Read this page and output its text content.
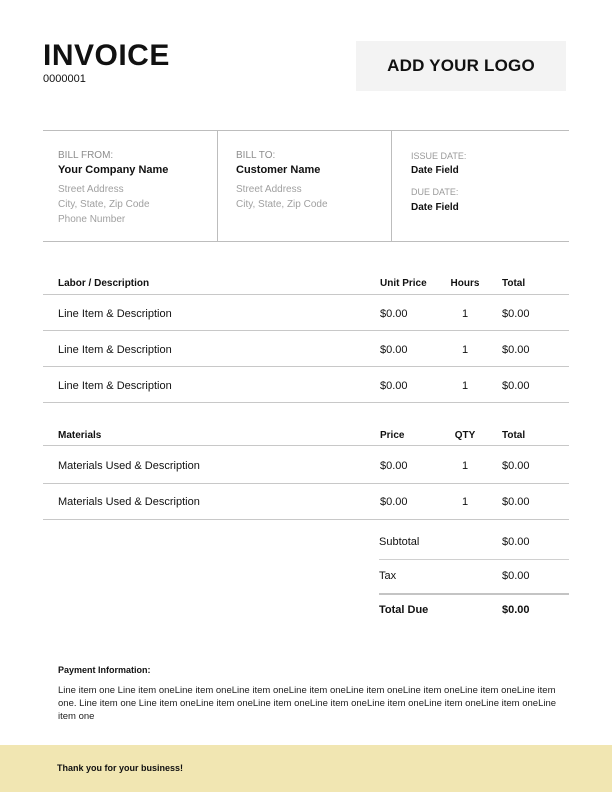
INVOICE
0000001
ADD YOUR LOGO
BILL FROM:
Your Company Name
Street Address
City, State, Zip Code
Phone Number
BILL TO:
Customer Name
Street Address
City, State, Zip Code
ISSUE DATE:
Date Field
DUE DATE:
Date Field
Labor / Description	Unit Price	Hours	Total
Line Item & Description	$0.00	1	$0.00
Line Item & Description	$0.00	1	$0.00
Line Item & Description	$0.00	1	$0.00
Materials	Price	QTY	Total
Materials Used & Description	$0.00	1	$0.00
Materials Used & Description	$0.00	1	$0.00
Subtotal	$0.00
Tax	$0.00
Total Due	$0.00
Payment Information:
Line item one Line item oneLine item oneLine item oneLine item oneLine item oneLine item oneLine item oneLine item one. Line item one Line item oneLine item oneLine item oneLine item oneLine item oneLine item oneLine item oneLine item one
Thank you for your business!
